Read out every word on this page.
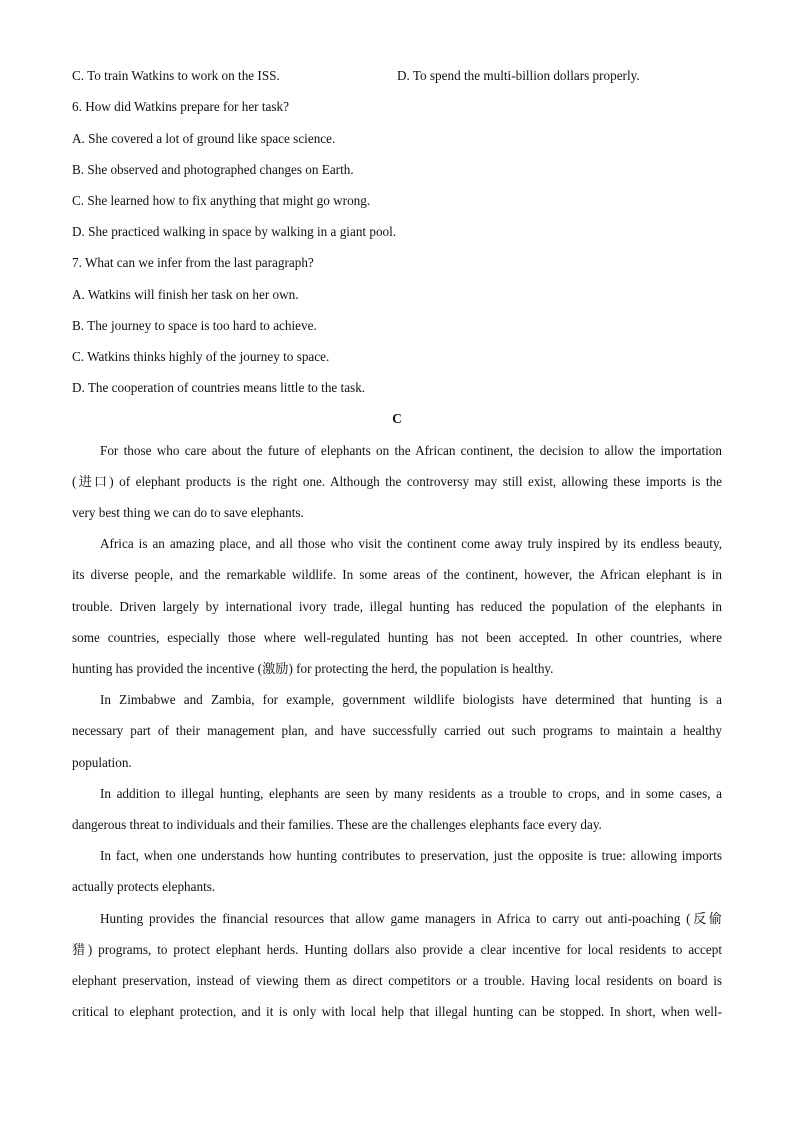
C. To train Watkins to work on the ISS.	D. To spend the multi-billion dollars properly.
6. How did Watkins prepare for her task?
A. She covered a lot of ground like space science.
B. She observed and photographed changes on Earth.
C. She learned how to fix anything that might go wrong.
D. She practiced walking in space by walking in a giant pool.
7. What can we infer from the last paragraph?
A. Watkins will finish her task on her own.
B. The journey to space is too hard to achieve.
C. Watkins thinks highly of the journey to space.
D. The cooperation of countries means little to the task.
C
For those who care about the future of elephants on the African continent, the decision to allow the importation
(进口) of elephant products is the right one. Although the controversy may still exist, allowing these imports is the
very best thing we can do to save elephants.
Africa is an amazing place, and all those who visit the continent come away truly inspired by its endless beauty,
its diverse people, and the remarkable wildlife. In some areas of the continent, however, the African elephant is in
trouble. Driven largely by international ivory trade, illegal hunting has reduced the population of the elephants in
some countries, especially those where well-regulated hunting has not been accepted. In other countries, where
hunting has provided the incentive (激励) for protecting the herd, the population is healthy.
In Zimbabwe and Zambia, for example, government wildlife biologists have determined that hunting is a
necessary part of their management plan, and have successfully carried out such programs to maintain a healthy
population.
In addition to illegal hunting, elephants are seen by many residents as a trouble to crops, and in some cases, a
dangerous threat to individuals and their families. These are the challenges elephants face every day.
In fact, when one understands how hunting contributes to preservation, just the opposite is true: allowing imports
actually protects elephants.
Hunting provides the financial resources that allow game managers in Africa to carry out anti-poaching (反偷
猎) programs, to protect elephant herds. Hunting dollars also provide a clear incentive for local residents to accept
elephant preservation, instead of viewing them as direct competitors or a trouble. Having local residents on board is
critical to elephant protection, and it is only with local help that illegal hunting can be stopped. In short, when well-
